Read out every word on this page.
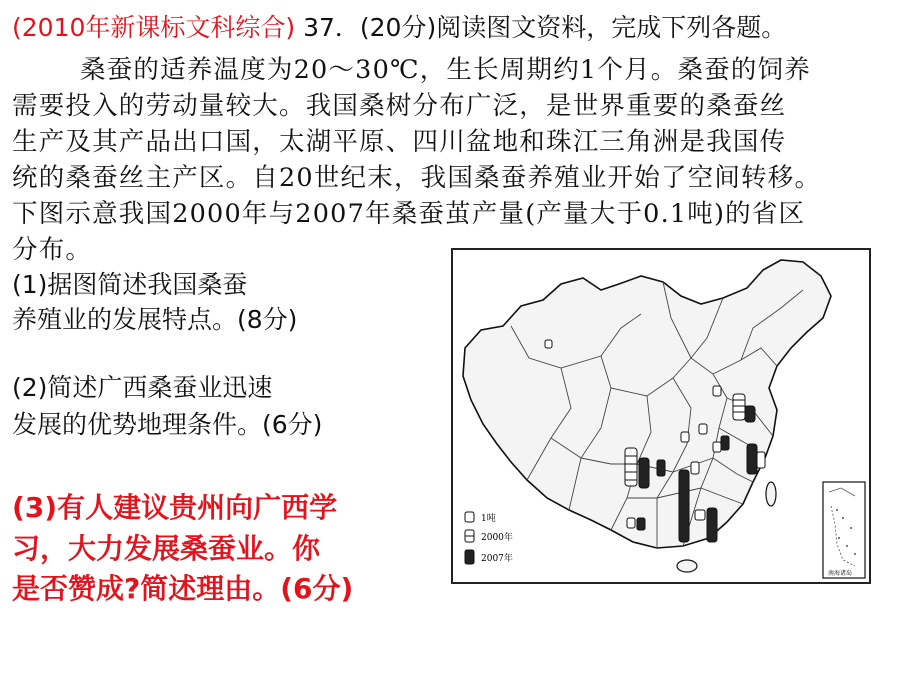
(2010年新课标文科综合) 37．(20分)阅读图文资料，完成下列各题。
桑蚕的适养温度为20～30℃，生长周期约1个月。桑蚕的饲养
需要投入的劳动量较大。我国桑树分布广泛，是世界重要的桑蚕丝
生产及其产品出口国，太湖平原、四川盆地和珠江三角洲是我国传
统的桑蚕丝主产区。自20世纪末，我国桑蚕养殖业开始了空间转移。
下图示意我国2000年与2007年桑蚕茧产量(产量大于0.1吨)的省区
分布。
(1)据图简述我国桑蚕
养殖业的发展特点。(8分)
(2)简述广西桑蚕业迅速
发展的优势地理条件。(6分)
(3)有人建议贵州向广西学
习，大力发展桑蚕业。你
是否赞成?简述理由。(6分)
1吨
2000年
2007年
南海诸岛
